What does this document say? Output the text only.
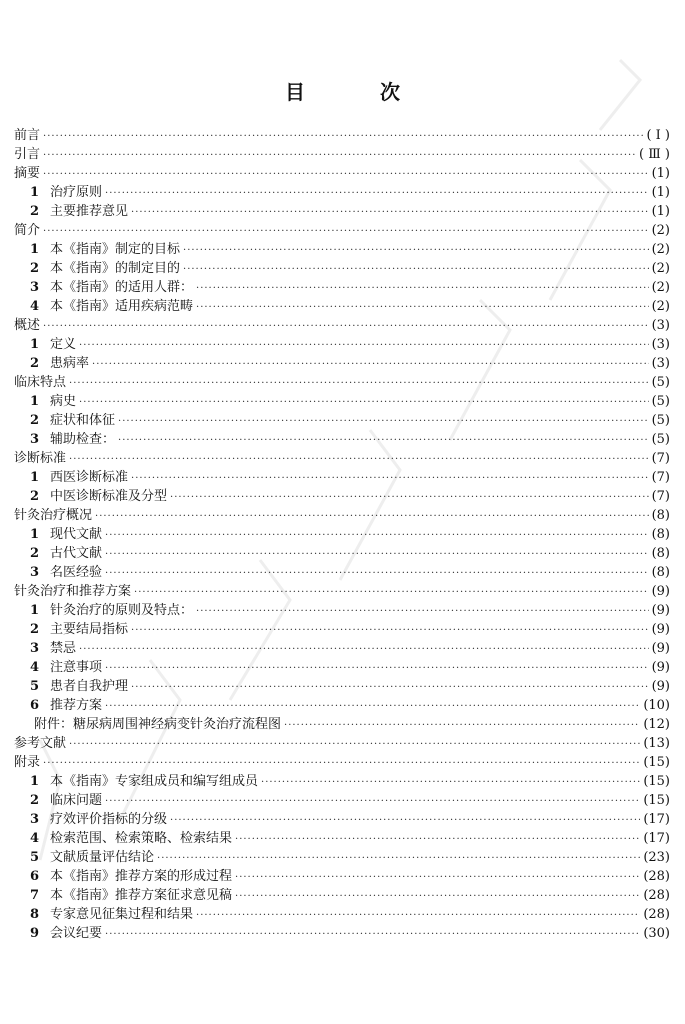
目 次
前言 ·····	( Ⅰ )
引言 ·····	( Ⅲ )
摘要 ·····	(1)
1 治疗原则 ·····	(1)
2 主要推荐意见 ·····	(1)
简介 ·····	(2)
1 本《指南》制定的目标 ·····	(2)
2 本《指南》的制定目的 ·····	(2)
3 本《指南》的适用人群： ·····	(2)
4 本《指南》适用疾病范畴 ·····	(2)
概述 ·····	(3)
1 定义 ·····	(3)
2 患病率 ·····	(3)
临床特点 ·····	(5)
1 病史 ·····	(5)
2 症状和体征 ·····	(5)
3 辅助检查： ·····	(5)
诊断标准 ·····	(7)
1 西医诊断标准 ·····	(7)
2 中医诊断标准及分型 ·····	(7)
针灸治疗概况 ·····	(8)
1 现代文献 ·····	(8)
2 古代文献 ·····	(8)
3 名医经验 ·····	(8)
针灸治疗和推荐方案 ·····	(9)
1 针灸治疗的原则及特点： ·····	(9)
2 主要结局指标 ·····	(9)
3 禁忌 ·····	(9)
4 注意事项 ·····	(9)
5 患者自我护理 ·····	(9)
6 推荐方案 ·····	(10)
附件：糖尿病周围神经病变针灸治疗流程图 ·····	(12)
参考文献 ·····	(13)
附录 ·····	(15)
1 本《指南》专家组成员和编写组成员 ·····	(15)
2 临床问题 ·····	(15)
3 疗效评价指标的分级 ·····	(17)
4 检索范围、检索策略、检索结果 ·····	(17)
5 文献质量评估结论 ·····	(23)
6 本《指南》推荐方案的形成过程 ·····	(28)
7 本《指南》推荐方案征求意见稿 ·····	(28)
8 专家意见征集过程和结果 ·····	(28)
9 会议纪要 ·····	(30)
